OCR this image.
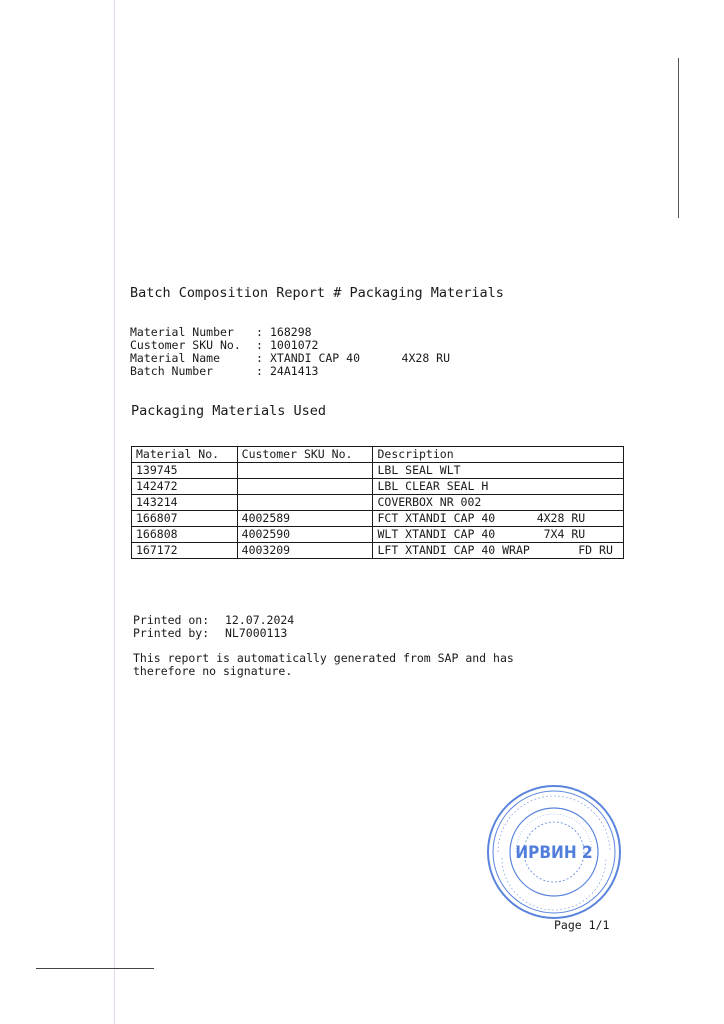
Batch Composition Report # Packaging Materials
Material Number : 168298
Customer SKU No. : 1001072
Material Name	: XTANDI CAP 40      4X28 RU
Batch Number	: 24A1413
Packaging Materials Used
Material No.	Customer SKU No.	Description
139745		LBL SEAL WLT
142472		LBL CLEAR SEAL H
143214		COVERBOX NR 002
166807	4002589	FCT XTANDI CAP 40      4X28 RU
166808	4002590	WLT XTANDI CAP 40       7X4 RU
167172	4003209	LFT XTANDI CAP 40 WRAP       FD RU
Printed on: 12.07.2024
Printed by: NL7000113
This report is automatically generated from SAP and has therefore no signature.
ИРВИН 2
Page 1/1
